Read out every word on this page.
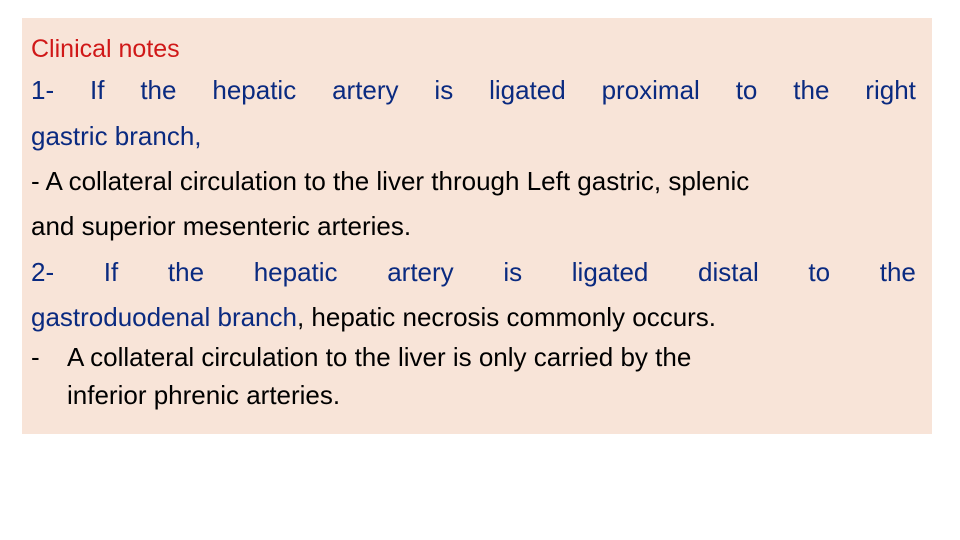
Clinical notes
1- If the hepatic artery is ligated proximal to the right
gastric branch,
- A collateral circulation to the liver through Left gastric, splenic
and superior mesenteric arteries.
2- If the hepatic artery is ligated distal to the
gastroduodenal branch, hepatic necrosis commonly occurs.
-	A collateral circulation to the liver is only carried by the
inferior phrenic arteries.
